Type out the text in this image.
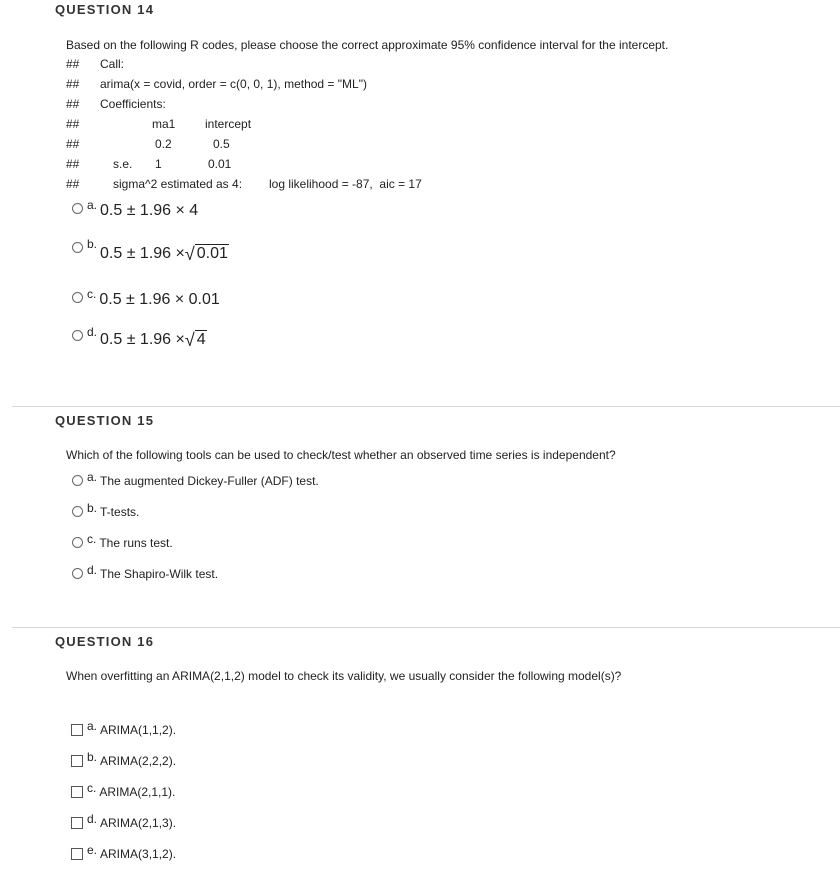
QUESTION 14
Based on the following R codes, please choose the correct approximate 95% confidence interval for the intercept.
## Call:
## arima(x = covid, order = c(0, 0, 1), method = "ML")
## Coefficients:
##	ma1 intercept
##	0.2	0.5
##	s.e. 1	0.01
##	sigma^2 estimated as 4: log likelihood = -87,  aic = 17
a. 0.5 ± 1.96 × 4
b.
0.5 ± 1.96 × √ 0.01
c. 0.5 ± 1.96 × 0.01
d. 0.5 ± 1.96 × √ 4
QUESTION 15
Which of the following tools can be used to check/test whether an observed time series is independent?
a. The augmented Dickey-Fuller (ADF) test.
b. T-tests.
c. The runs test.
d. The Shapiro-Wilk test.
QUESTION 16
When overfitting an ARIMA(2,1,2) model to check its validity, we usually consider the following model(s)?
a. ARIMA(1,1,2).
b. ARIMA(2,2,2).
c. ARIMA(2,1,1).
d. ARIMA(2,1,3).
e. ARIMA(3,1,2).
